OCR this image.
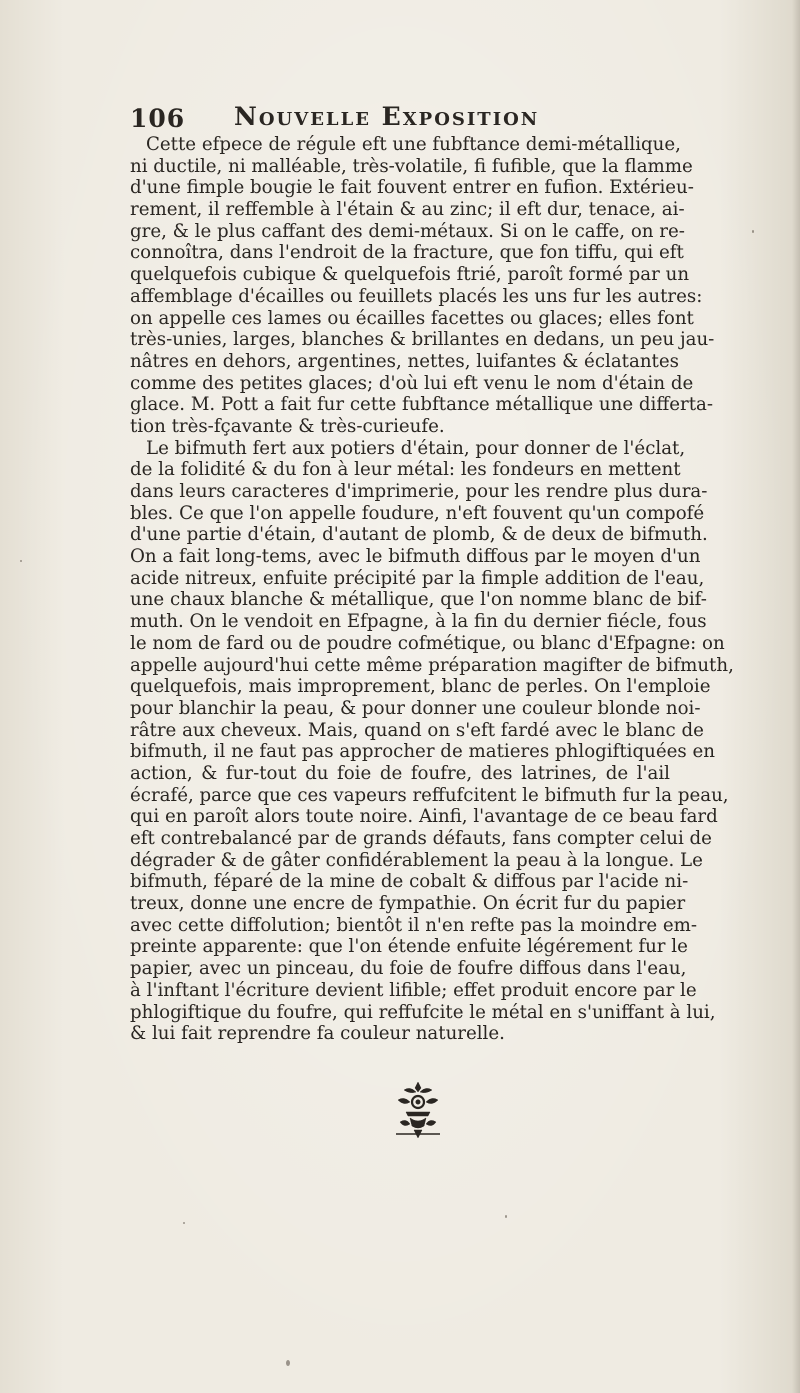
106 Nouvelle Exposition
Cette efpece de régule eft une fubftance demi-métallique,
ni ductile, ni malléable, très-volatile, fi fufible, que la flamme
d'une fimple bougie le fait fouvent entrer en fufion. Extérieu-
rement, il reffemble à l'étain & au zinc; il eft dur, tenace, ai-
gre, & le plus caffant des demi-métaux. Si on le caffe, on re-
connoîtra, dans l'endroit de la fracture, que fon tiffu, qui eft
quelquefois cubique & quelquefois ftrié, paroît formé par un
affemblage d'écailles ou feuillets placés les uns fur les autres:
on appelle ces lames ou écailles facettes ou glaces; elles font
très-unies, larges, blanches & brillantes en dedans, un peu jau-
nâtres en dehors, argentines, nettes, luifantes & éclatantes
comme des petites glaces; d'où lui eft venu le nom d'étain de
glace. M. Pott a fait fur cette fubftance métallique une differta-
tion très-fçavante & très-curieufe.
Le bifmuth fert aux potiers d'étain, pour donner de l'éclat,
de la folidité & du fon à leur métal: les fondeurs en mettent
dans leurs caracteres d'imprimerie, pour les rendre plus dura-
bles. Ce que l'on appelle foudure, n'eft fouvent qu'un compofé
d'une partie d'étain, d'autant de plomb, & de deux de bifmuth.
On a fait long-tems, avec le bifmuth diffous par le moyen d'un
acide nitreux, enfuite précipité par la fimple addition de l'eau,
une chaux blanche & métallique, que l'on nomme blanc de bif-
muth. On le vendoit en Efpagne, à la fin du dernier fiécle, fous
le nom de fard ou de poudre cofmétique, ou blanc d'Efpagne: on
appelle aujourd'hui cette même préparation magifter de bifmuth,
quelquefois, mais improprement, blanc de perles. On l'emploie
pour blanchir la peau, & pour donner une couleur blonde noi-
râtre aux cheveux. Mais, quand on s'eft fardé avec le blanc de
bifmuth, il ne faut pas approcher de matieres phlogiftiquées en
action, & fur-tout du foie de foufre, des latrines, de l'ail
écrafé, parce que ces vapeurs reffufcitent le bifmuth fur la peau,
qui en paroît alors toute noire. Ainfi, l'avantage de ce beau fard
eft contrebalancé par de grands défauts, fans compter celui de
dégrader & de gâter confidérablement la peau à la longue. Le
bifmuth, féparé de la mine de cobalt & diffous par l'acide ni-
treux, donne une encre de fympathie. On écrit fur du papier
avec cette diffolution; bientôt il n'en refte pas la moindre em-
preinte apparente: que l'on étende enfuite légérement fur le
papier, avec un pinceau, du foie de foufre diffous dans l'eau,
à l'inftant l'écriture devient lifible; effet produit encore par le
phlogiftique du foufre, qui reffufcite le métal en s'uniffant à lui,
& lui fait reprendre fa couleur naturelle.
